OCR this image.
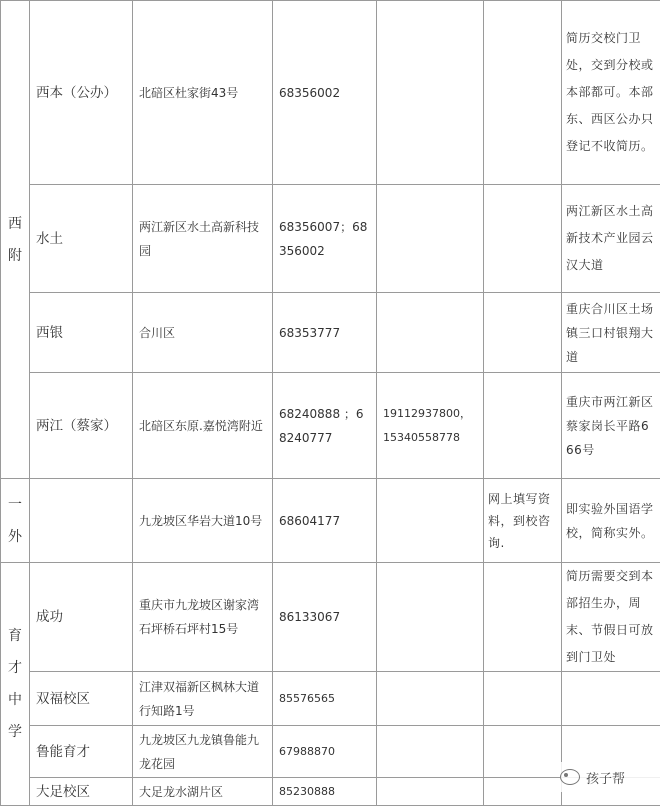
西附	西本（公办）	北碚区杜家街43号	68356002			简历交校门卫处，交到分校或本部都可。本部东、西区公办只登记不收简历。
	水土	两江新区水土高新科技园	68356007；68356002			两江新区水土高新技术产业园云汉大道
	西银	合川区	68353777			重庆合川区土场镇三口村银翔大道
	两江（蔡家）	北碚区东原.嘉悦湾附近	68240888 ；68240777	19112937800，15340558778		重庆市两江新区蔡家岗长平路666号
一外		九龙坡区华岩大道10号	68604177		网上填写资料，到校咨询.	即实验外国语学校，简称实外。
育才中学	成功	重庆市九龙坡区谢家湾石坪桥石坪村15号	86133067			简历需要交到本部招生办，周末、节假日可放到门卫处
	双福校区	江津双福新区枫林大道行知路1号	85576565			
	鲁能育才	九龙坡区九龙镇鲁能九龙花园	67988870			
	大足校区	大足龙水湖片区	85230888			
孩子帮
